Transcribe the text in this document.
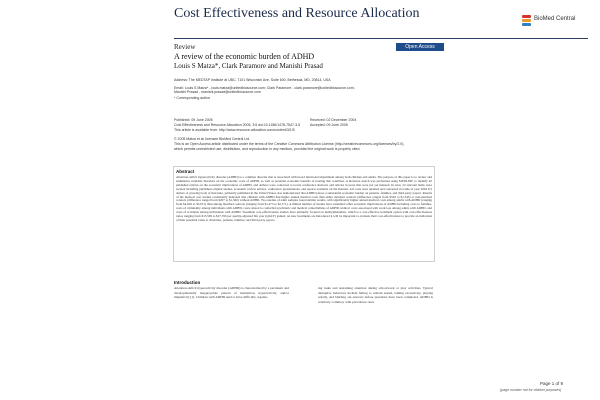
Cost Effectiveness and Resource Allocation	BioMed Central
Review	Open Access
A review of the economic burden of ADHD
Louis S Matza*, Clark Paramore and Manishi Prasad
Address: The MEDTAP Institute at UBC, 7101 Wisconsin Ave, Suite 600, Bethesda, MD, 20814, USA
Email: Louis S Matza* - louis.matza@unitedbiosource.com; Clark Paramore - clark.paramore@unitedbiosource.com;
Manishi Prasad - manishi.prasad@unitedbiosource.com
* Corresponding author
Published: 09 June 2005
Cost Effectiveness and Resource Allocation 2005, 3:5 doi:10.1186/1478-7547-3-5
This article is available from: http://www.resource-allocation.com/content/3/1/5
Received: 02 December 2004
Accepted: 09 June 2005
© 2005 Matza et al; licensee BioMed Central Ltd.
This is an Open Access article distributed under the terms of the Creative Commons Attribution License (http://creativecommons.org/licenses/by/2.0),
which permits unrestricted use, distribution, and reproduction in any medium, provided the original work is properly cited.
Abstract
Attention-deficit hyperactivity disorder (ADHD) is a common disorder that is associated with broad functional impairment among both children and adults. The purpose of this paper is to review and summarize available literature on the economic costs of ADHD, as well as potential economic benefits of treating this condition. A literature search was performed using MEDLINE to identify all published articles on the economic implications of ADHD, and authors were contacted to locate conference abstracts and articles in press that were not yet indexed. In total, 22 relevant items were located including published original studies, economic review articles, conference presentations, and reports available on the Internet. All costs were updated and converted in terms of year 2004 US dollars. A growing body of literature, primarily published in the United States, has demonstrated that ADHD places a substantial economic burden on patients, families, and third-party payers. Results of the medical cost studies consistently indicated that children with ADHD had higher annual medical costs than either matched controls (difference ranged from $503 to $1,343) or non-matched controls (difference ranged from $207 to $1,560) without ADHD. Two studies of adult samples found similar results, with significantly higher annual medical costs among adults with ADHD (ranging from $4,929 to $5,651) than among matched controls (ranging from $1,473 to $2,771). A limited number of studies have examined other economic implications of ADHD including costs to families, costs of criminality among individuals with ADHD, costs related to comorbid psychiatric and medical comorbidities of ADHD, indirect costs associated with work loss among adults with ADHD, and costs of accidents among individuals with ADHD. Treatment cost-effectiveness studies have primarily focused on methylphenidate, which is a cost-effective treatment option with cost-effectiveness ratios ranging from $15,509 to $27,766 per quality-adjusted life year (QALY) gained. As new treatments are introduced it will be important to evaluate their cost-effectiveness to provide an indication of their potential value to clinicians, patients, families, and third-party payers.
Introduction
Attention-deficit hyperactivity disorder (ADHD) is characterized by a persistent and developmentally inappropriate pattern of inattention, hyperactivity, and/or impulsivity [1]. Children with ADHD tend to have difficulty organiz-
ing tasks and sustaining attention during schoolwork or play activities. Typical disruptive behaviors include failing to remain seated, talking excessively, playing noisily, and blurting out answers before questions have been completed. ADHD is relatively common, with prevalence rates
Page 1 of 9
(page number not for citation purposes)
